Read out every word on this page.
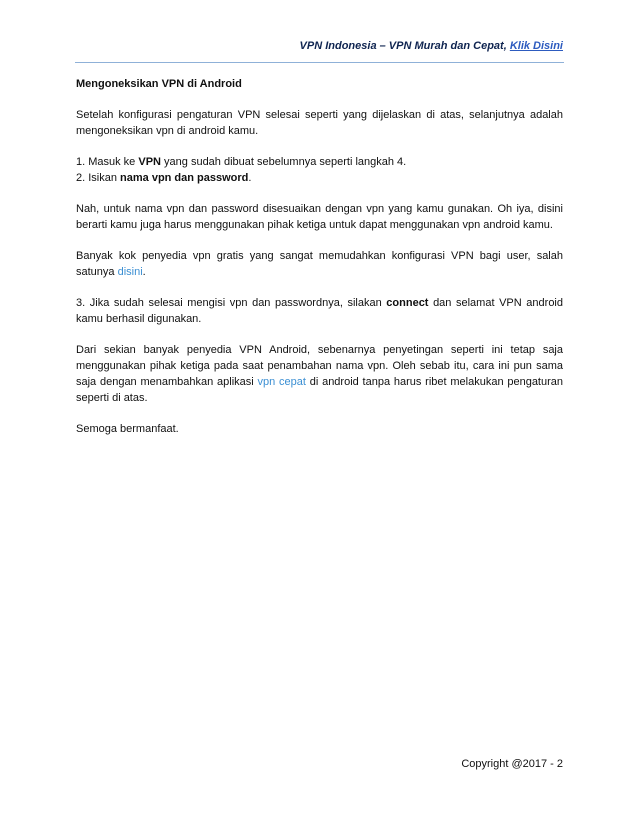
VPN Indonesia – VPN Murah dan Cepat, Klik Disini

Mengoneksikan VPN di Android

Setelah konfigurasi pengaturan VPN selesai seperti yang dijelaskan di atas, selanjutnya adalah mengoneksikan vpn di android kamu.

1. Masuk ke VPN yang sudah dibuat sebelumnya seperti langkah 4.
2. Isikan nama vpn dan password.

Nah, untuk nama vpn dan password disesuaikan dengan vpn yang kamu gunakan. Oh iya, disini berarti kamu juga harus menggunakan pihak ketiga untuk dapat menggunakan vpn android kamu.

Banyak kok penyedia vpn gratis yang sangat memudahkan konfigurasi VPN bagi user, salah satunya disini.

3. Jika sudah selesai mengisi vpn dan passwordnya, silakan connect dan selamat VPN android kamu berhasil digunakan.

Dari sekian banyak penyedia VPN Android, sebenarnya penyetingan seperti ini tetap saja menggunakan pihak ketiga pada saat penambahan nama vpn. Oleh sebab itu, cara ini pun sama saja dengan menambahkan aplikasi vpn cepat di android tanpa harus ribet melakukan pengaturan seperti di atas.

Semoga bermanfaat.

Copyright @2017 - 2
